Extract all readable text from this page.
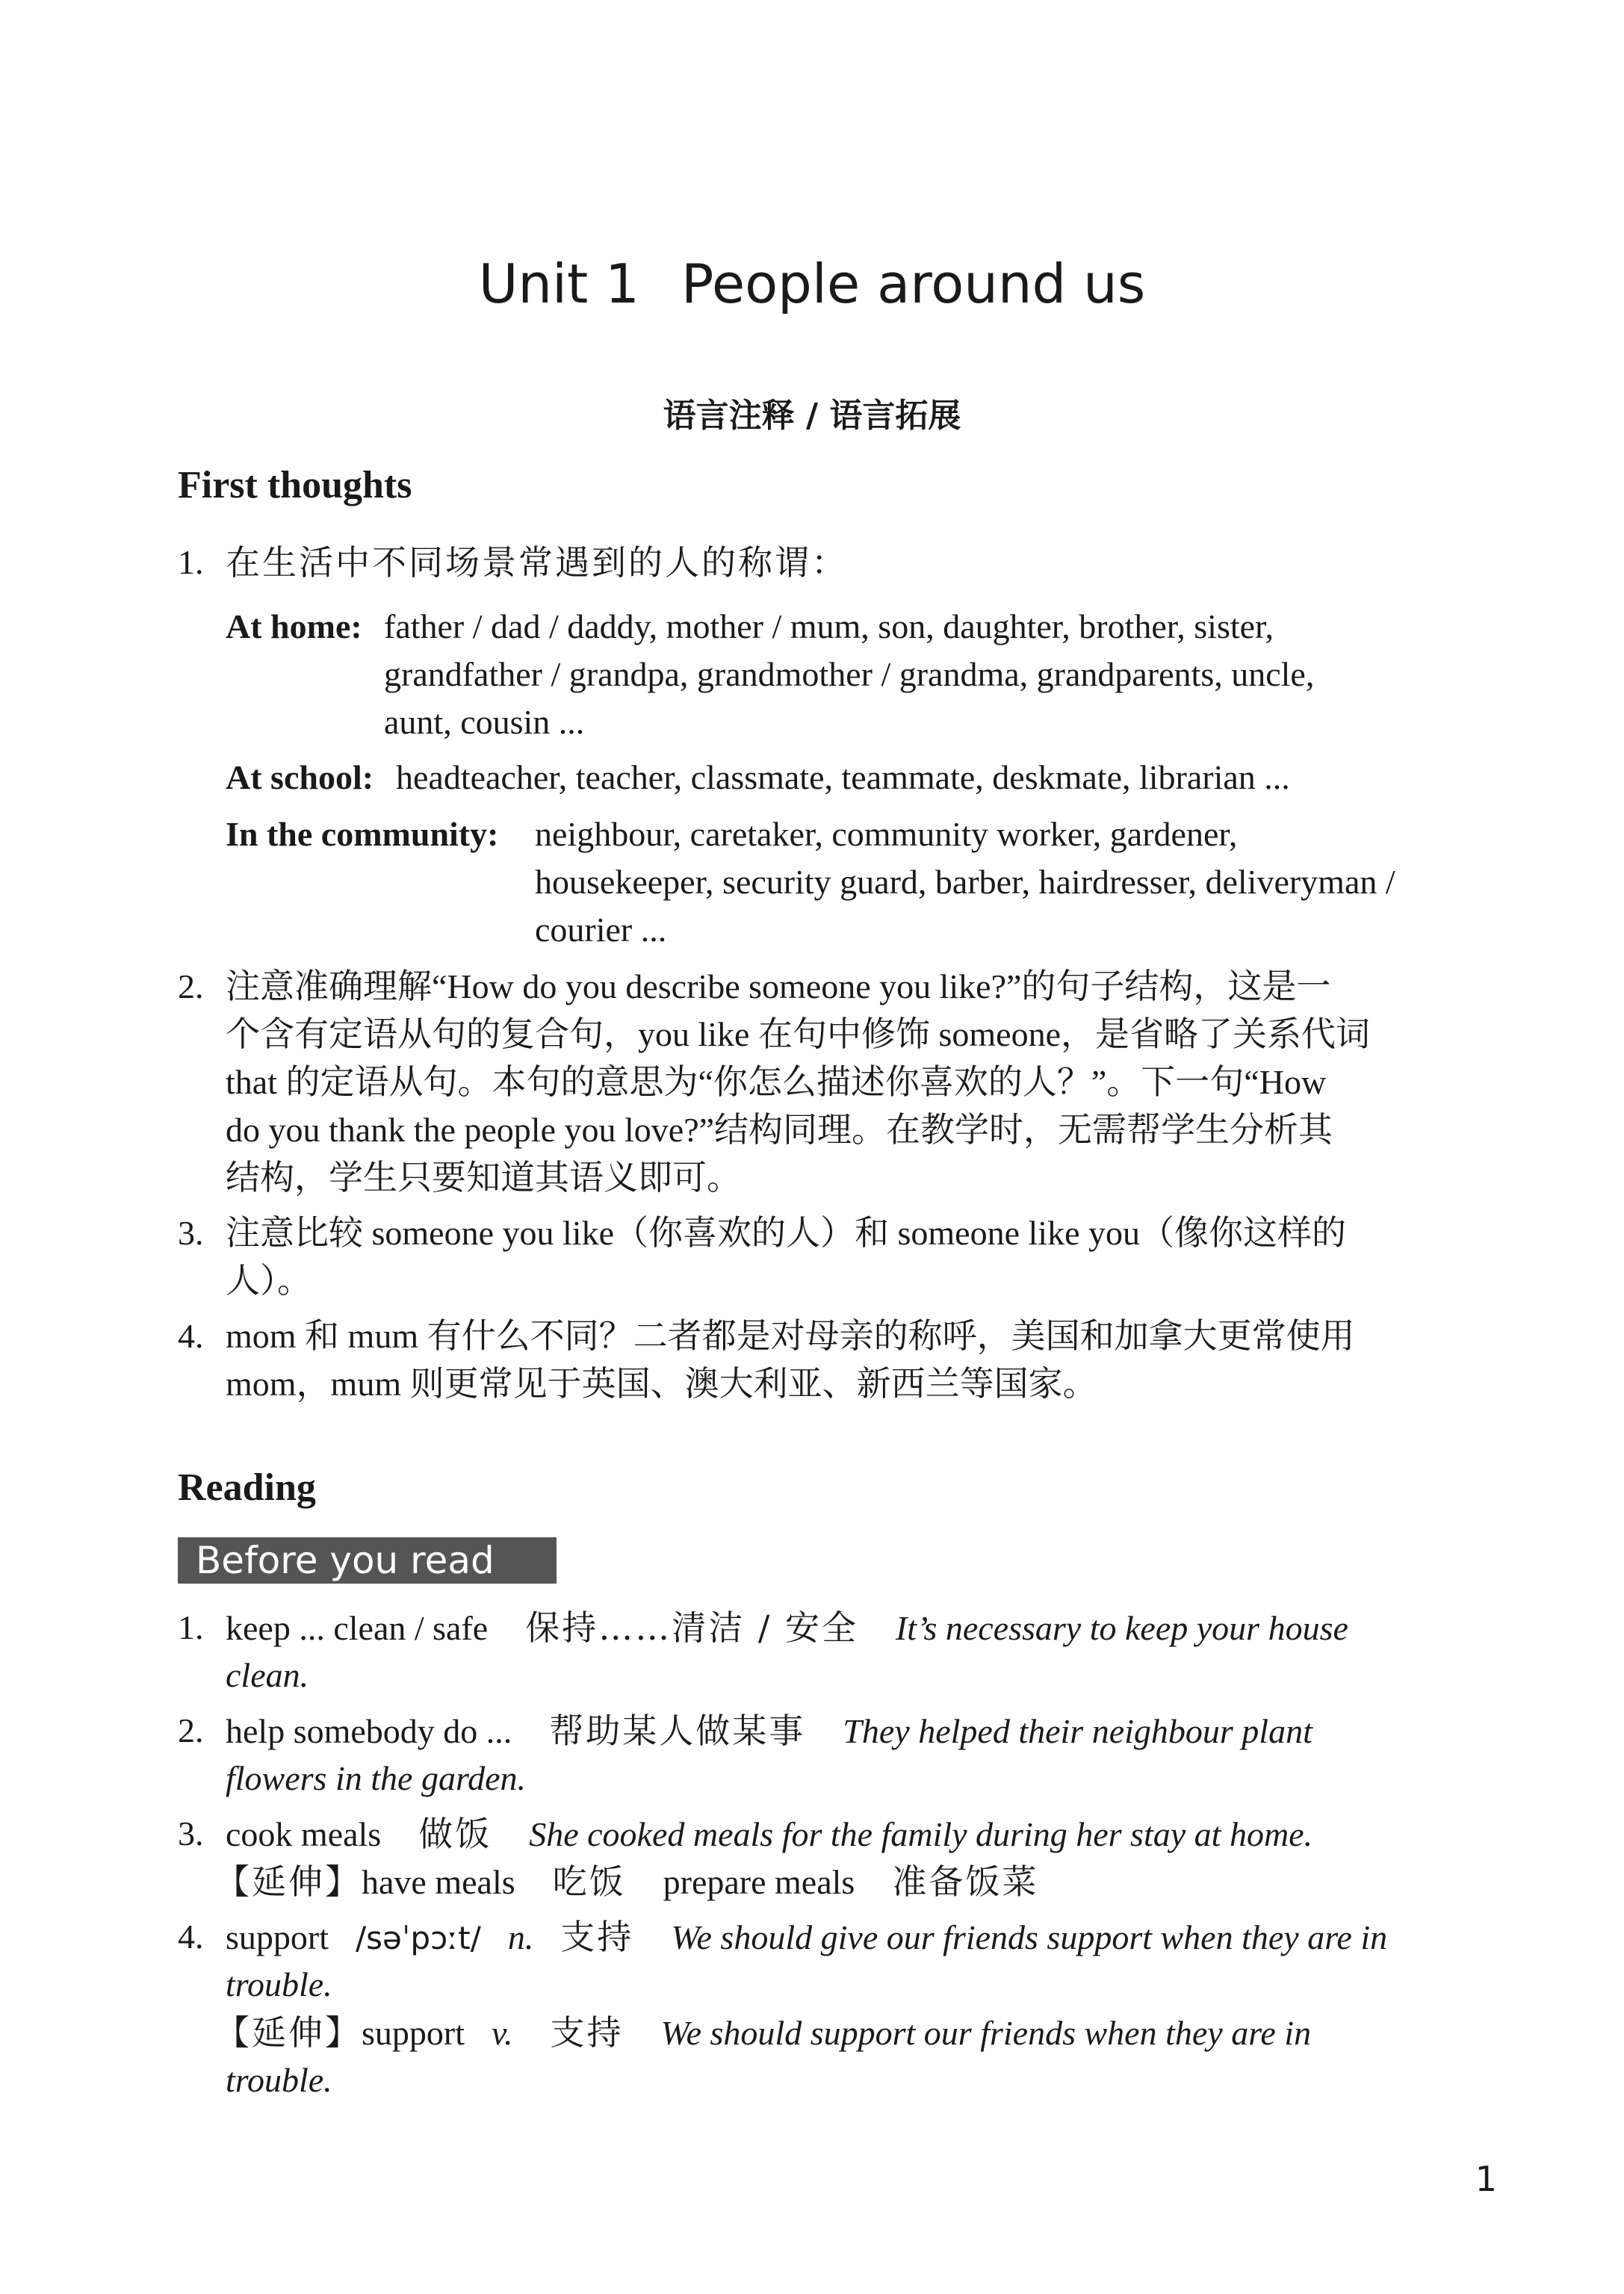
Unit 1 People around us
语言注释 / 语言拓展
First thoughts
1. 在生活中不同场景常遇到的人的称谓：
At home: father / dad / daddy, mother / mum, son, daughter, brother, sister,
grandfather / grandpa, grandmother / grandma, grandparents, uncle,
aunt, cousin ...
At school: headteacher, teacher, classmate, teammate, deskmate, librarian ...
In the community: neighbour, caretaker, community worker, gardener,
housekeeper, security guard, barber, hairdresser, deliveryman /
courier ...
2. 注意准确理解“How do you describe someone you like?”的句子结构，这是一
个含有定语从句的复合句，you like 在句中修饰 someone，是省略了关系代词
that 的定语从句。本句的意思为“你怎么描述你喜欢的人？”。下一句“How
do you thank the people you love?”结构同理。在教学时，无需帮学生分析其
结构，学生只要知道其语义即可。
3. 注意比较 someone you like（你喜欢的人）和 someone like you（像你这样的
人）。
4. mom 和 mum 有什么不同？二者都是对母亲的称呼，美国和加拿大更常使用
mom，mum 则更常见于英国、澳大利亚、新西兰等国家。
Reading
Before you read
1. keep ... clean / safe 保持……清洁 / 安全 It’s necessary to keep your house
clean.
2. help somebody do ... 帮助某人做某事 They helped their neighbour plant
flowers in the garden.
3. cook meals 做饭 She cooked meals for the family during her stay at home.
【延伸】have meals 吃饭 prepare meals 准备饭菜
4. support /səˈpɔːt/ n. 支持 We should give our friends support when they are in
trouble.
【延伸】support v. 支持 We should support our friends when they are in
trouble.
1
